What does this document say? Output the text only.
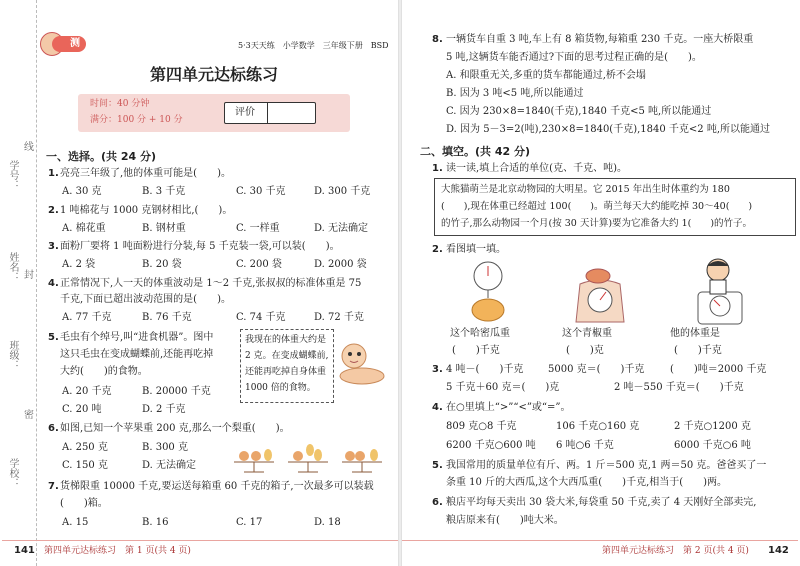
学号：
姓名：
班级：
学校：
线
封
密
测评卷
5·3天天练　小学数学　三年级下册　BSD
第四单元达标练习
时间：40 分钟
满分：100 分 + 10 分
评价
一、选择。(共 24 分)
1. 亮亮三年级了,他的体重可能是(　　)。
A. 30 克	B. 3 千克	C. 30 千克	D. 300 千克
2. 1 吨棉花与 1000 克钢材相比,(　　)。
A. 棉花重	B. 钢材重	C. 一样重	D. 无法确定
3. 面粉厂要将 1 吨面粉进行分装,每 5 千克装一袋,可以装(　　)。
A. 2 袋	B. 20 袋	C. 200 袋	D. 2000 袋
4. 正常情况下,人一天的体重波动是 1～2 千克,张叔叔的标准体重是 75
千克,下面已超出波动范围的是(　　)。
A. 77 千克	B. 76 千克	C. 74 千克	D. 72 千克
5. 毛虫有个绰号,叫“进食机器”。图中
这只毛虫在变成蝴蝶前,还能再吃掉
大约(　　)的食物。
我现在的体重大约是
2 克。在变成蝴蝶前,
还能再吃掉自身体重
1000 倍的食物。
A. 20 千克	B. 20000 千克
C. 20 吨	D. 2 千克
6. 如图,已知一个苹果重 200 克,那么一个梨重(　　)。
A. 250 克	B. 300 克
C. 150 克	D. 无法确定
7. 货梯限重 10000 千克,要运送每箱重 60 千克的箱子,一次最多可以装载
(　　)箱。
A. 15	B. 16	C. 17	D. 18
141 第四单元达标练习　第 1 页(共 4 页)
8. 一辆货车自重 3 吨,车上有 8 箱货物,每箱重 230 千克。一座大桥限重
5 吨,这辆货车能否通过?下面的思考过程正确的是(　　)。
A. 和限重无关,多重的货车都能通过,桥不会塌
B. 因为 3 吨<5 吨,所以能通过
C. 因为 230×8=1840(千克),1840 千克<5 吨,所以能通过
D. 因为 5－3=2(吨),230×8=1840(千克),1840 千克<2 吨,所以能通过
二、填空。(共 42 分)
1. 读一读,填上合适的单位(克、千克、吨)。
大熊猫萌兰是北京动物园的大明星。它 2015 年出生时体重约为 180
(　　),现在体重已经超过 100(　　)。萌兰每天大约能吃掉 30～40(　　)
的竹子,那么动物园一个月(按 30 天计算)要为它准备大约 1(　　)的竹子。
2. 看图填一填。
这个哈密瓜重	这个青椒重	他的体重是
(　　)千克	(　　)克	(　　)千克
3. 4 吨－(　　)千克 5000 克＝(　　)千克	(　　)吨＝2000 千克
5 千克＋60 克＝(　　)克	2 吨－550 千克＝(　　)千克
4. 在○里填上“>”“<”或“=”。
809 克○8 千克	106 千克○160 克	2 千克○1200 克
6200 千克○600 吨 6 吨○6 千克	6000 千克○6 吨
5. 我国常用的质量单位有斤、两。1 斤＝500 克,1 两＝50 克。爸爸买了一
条重 10 斤的大西瓜,这个大西瓜重(　　)千克,相当于(　　)两。
6. 粮店平均每天卖出 30 袋大米,每袋重 50 千克,卖了 4 天刚好全部卖完,
粮店原来有(　　)吨大米。
第四单元达标练习　第 2 页(共 4 页) 142
